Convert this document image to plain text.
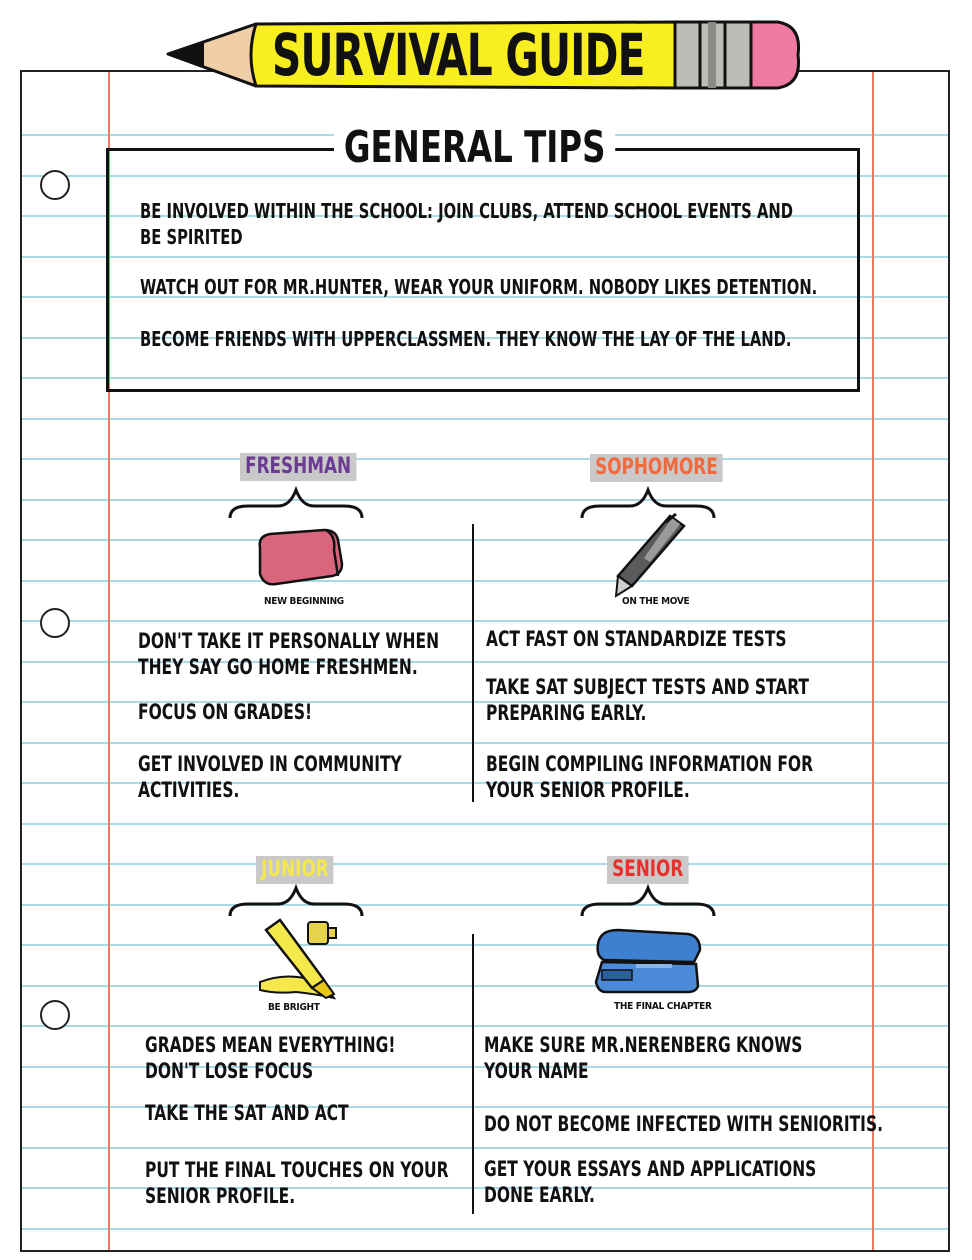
SURVIVAL GUIDE
GENERAL TIPS
BE INVOLVED WITHIN THE SCHOOL: JOIN CLUBS, ATTEND SCHOOL EVENTS AND
BE SPIRITED
WATCH OUT FOR MR.HUNTER, WEAR YOUR UNIFORM. NOBODY LIKES DETENTION.
BECOME FRIENDS WITH UPPERCLASSMEN. THEY KNOW THE LAY OF THE LAND.
FRESHMAN	SOPHOMORE
JUNIOR	SENIOR
NEW BEGINNING	ON THE MOVE
BE BRIGHT	THE FINAL CHAPTER
DON'T TAKE IT PERSONALLY WHEN
THEY SAY GO HOME FRESHMEN.
FOCUS ON GRADES!
GET INVOLVED IN COMMUNITY
ACTIVITIES.
ACT FAST ON STANDARDIZE TESTS
TAKE SAT SUBJECT TESTS AND START
PREPARING EARLY.
BEGIN COMPILING INFORMATION FOR
YOUR SENIOR PROFILE.
GRADES MEAN EVERYTHING!
DON'T LOSE FOCUS
TAKE THE SAT AND ACT
PUT THE FINAL TOUCHES ON YOUR
SENIOR PROFILE.
MAKE SURE MR.NERENBERG KNOWS
YOUR NAME
DO NOT BECOME INFECTED WITH SENIORITIS.
GET YOUR ESSAYS AND APPLICATIONS
DONE EARLY.
